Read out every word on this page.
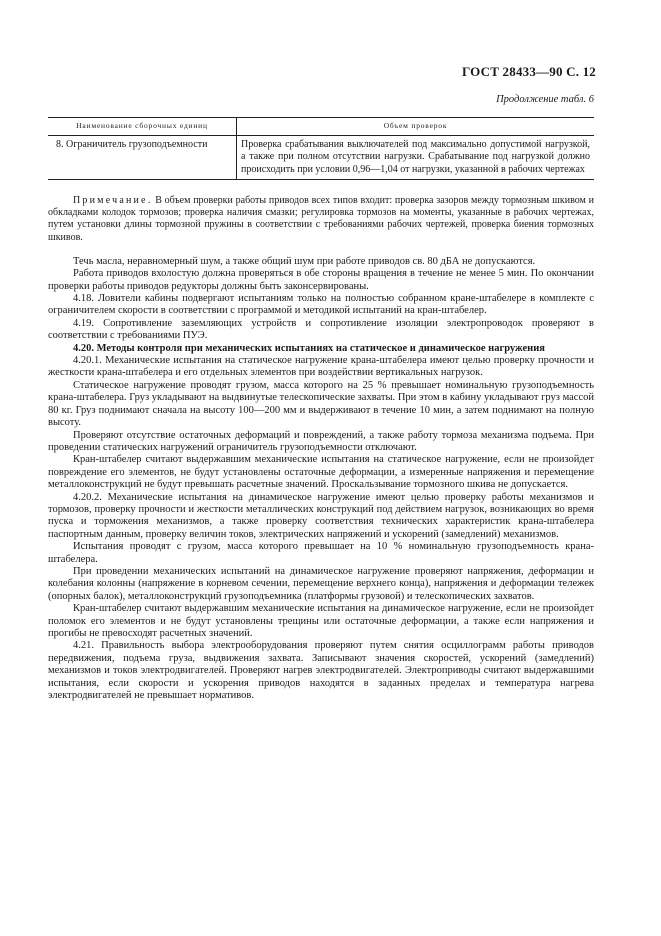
ГОСТ 28433—90 С. 12
Продолжение табл. 6
Наименование сборочных единиц	Объем проверок
8. Ограничитель грузоподъемности	Проверка срабатывания выключателей под максимально допустимой нагрузкой, а также при полном отсутствии нагрузки. Срабатывание под нагрузкой должно происходить при условии 0,96—1,04 от нагрузки, указанной в рабочих чертежах

Примечание. В объем проверки работы приводов всех типов входит: проверка зазоров между тормозным шкивом и обкладками колодок тормозов; проверка наличия смазки; регулировка тормозов на моменты, указанные в рабочих чертежах, путем установки длины тормозной пружины в соответствии с требованиями рабочих чертежей, проверка биения тормозных шкивов.

Течь масла, неравномерный шум, а также общий шум при работе приводов св. 80 дБА не допускаются.

Работа приводов вхолостую должна проверяться в обе стороны вращения в течение не менее 5 мин. По окончании проверки работы приводов редукторы должны быть законсервированы.

4.18. Ловители кабины подвергают испытаниям только на полностью собранном кране-штабелере в комплекте с ограничителем скорости в соответствии с программой и методикой испытаний на кран-штабелер.

4.19. Сопротивление заземляющих устройств и сопротивление изоляции электропроводок проверяют в соответствии с требованиями ПУЭ.

4.20. Методы контроля при механических испытаниях на статическое и динамическое нагружения

4.20.1. Механические испытания на статическое нагружение крана-штабелера имеют целью проверку прочности и жесткости крана-штабелера и его отдельных элементов при воздействии вертикальных нагрузок.

Статическое нагружение проводят грузом, масса которого на 25 % превышает номинальную грузоподъемность крана-штабелера. Груз укладывают на выдвинутые телескопические захваты. При этом в кабину укладывают груз массой 80 кг. Груз поднимают сначала на высоту 100—200 мм и выдерживают в течение 10 мин, а затем поднимают на полную высоту.

Проверяют отсутствие остаточных деформаций и повреждений, а также работу тормоза механизма подъема. При проведении статических нагружений ограничитель грузоподъемности отключают.

Кран-штабелер считают выдержавшим механические испытания на статическое нагружение, если не произойдет повреждение его элементов, не будут установлены остаточные деформации, а измеренные напряжения и перемещение металлоконструкций не будут превышать расчетные значений. Проскальзывание тормозного шкива не допускается.

4.20.2. Механические испытания на динамическое нагружение имеют целью проверку работы механизмов и тормозов, проверку прочности и жесткости металлических конструкций под действием нагрузок, возникающих во время пуска и торможения механизмов, а также проверку соответствия технических характеристик крана-штабелера паспортным данным, проверку величин токов, электрических напряжений и ускорений (замедлений) механизмов.

Испытания проводят с грузом, масса которого превышает на 10 % номинальную грузоподъемность крана-штабелера.

При проведении механических испытаний на динамическое нагружение проверяют напряжения, деформации и колебания колонны (напряжение в корневом сечении, перемещение верхнего конца), напряжения и деформации тележек (опорных балок), металлоконструкций грузоподъемника (платформы грузовой) и телескопических захватов.

Кран-штабелер считают выдержавшим механические испытания на динамическое нагружение, если не произойдет поломок его элементов и не будут установлены трещины или остаточные деформации, а также если напряжения и прогибы не превосходят расчетных значений.

4.21. Правильность выбора электрооборудования проверяют путем снятия осциллограмм работы приводов передвижения, подъема груза, выдвижения захвата. Записывают значения скоростей, ускорений (замедлений) механизмов и токов электродвигателей. Проверяют нагрев электродвигателей. Электроприводы считают выдержавшими испытания, если скорости и ускорения приводов находятся в заданных пределах и температура нагрева электродвигателей не превышает нормативов.
